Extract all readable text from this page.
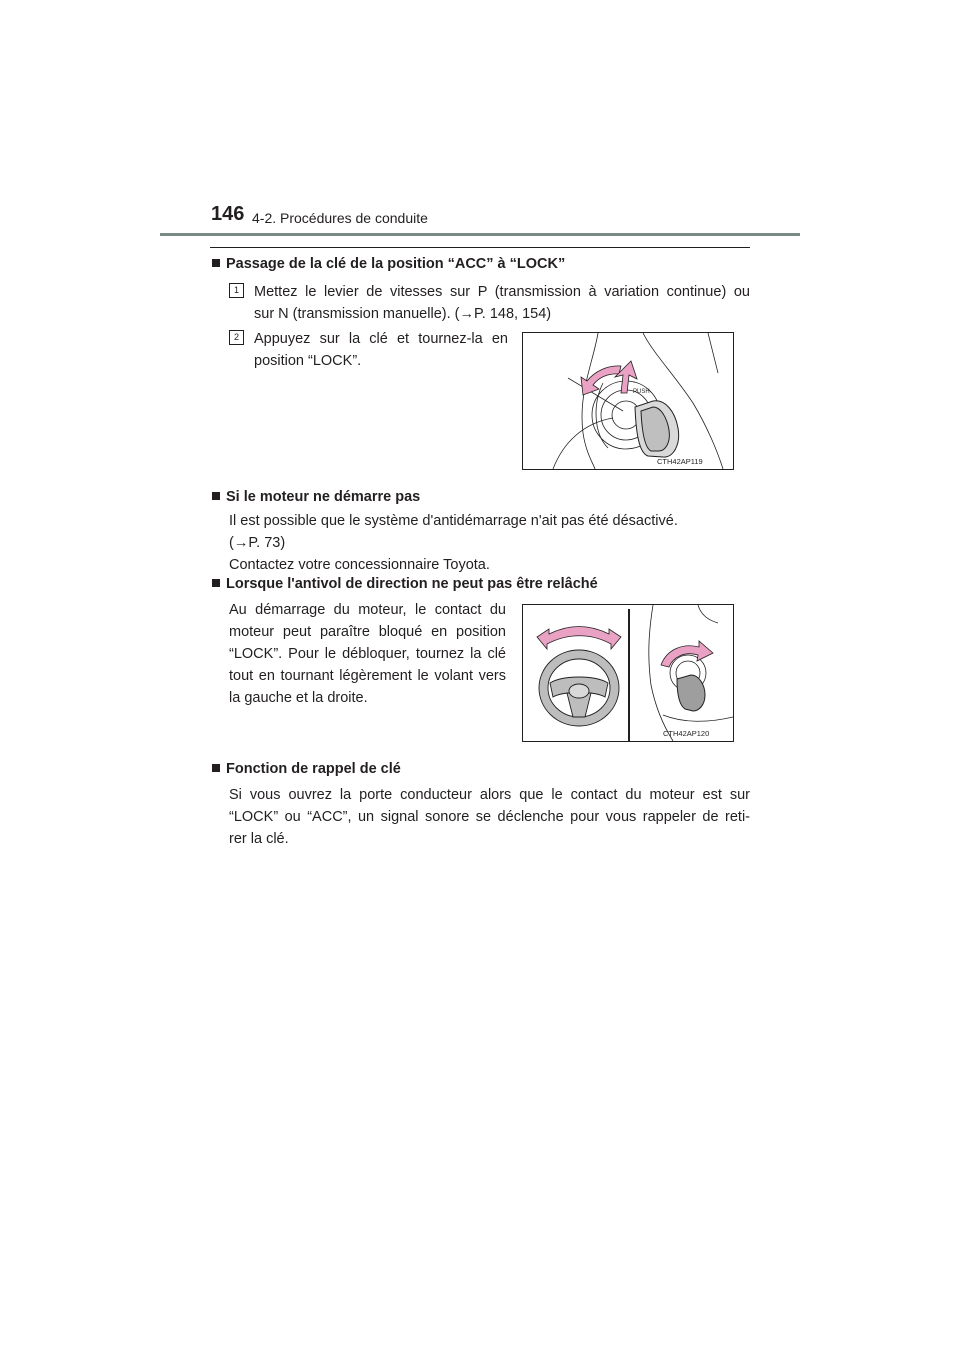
146 4-2. Procédures de conduite
Passage de la clé de la position “ACC” à “LOCK”
1	Mettez le levier de vitesses sur P (transmission à variation continue) ou
sur N (transmission manuelle). (→P. 148, 154)
2	Appuyez sur la clé et tournez-la en
position “LOCK”.
PUSH
CTH42AP119
Si le moteur ne démarre pas
Il est possible que le système d'antidémarrage n'ait pas été désactivé.
(→P. 73)
Contactez votre concessionnaire Toyota.
Lorsque l'antivol de direction ne peut pas être relâché
Au démarrage du moteur, le contact du
moteur peut paraître bloqué en position
“LOCK”. Pour le débloquer, tournez la clé
tout en tournant légèrement le volant vers
la gauche et la droite.
CTH42AP120
Fonction de rappel de clé
Si vous ouvrez la porte conducteur alors que le contact du moteur est sur
“LOCK” ou “ACC”, un signal sonore se déclenche pour vous rappeler de reti-
rer la clé.
